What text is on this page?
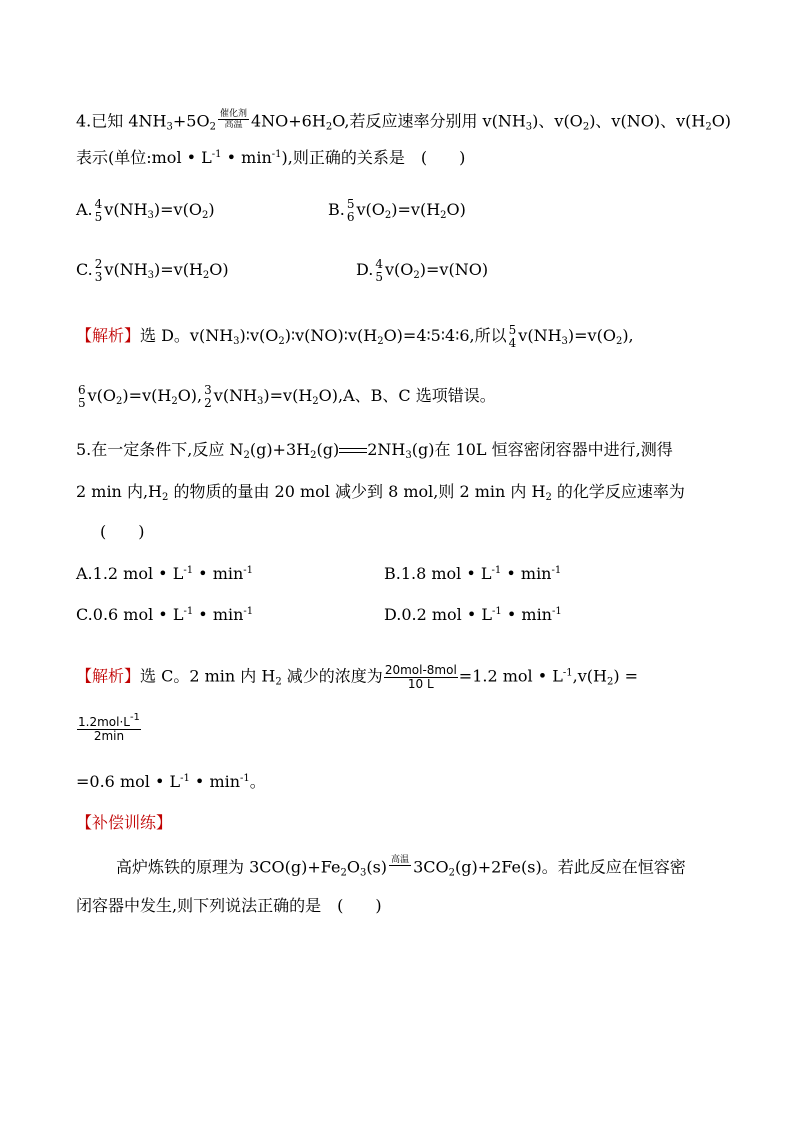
4.已知 $4NH_3+5O_2$
催化剂
高温 $4NO+6H_2O$,若反应速率分别用 $v(NH_3)$、$v(O_2)$、v(NO)、$v(H_2O)$
表示(单位:mol • $L^{-1}$ • $\min^{-1}$),则正确的关系是　(　　)
A. 4
5 $v(NH_3)=v(O_2)$	B. 5
6 $v(O_2)=v(H_2O)$
C. 2
3 $v(NH_3)=v(H_2O)$	D. 4
5 $v(O_2)=v(NO)$
【解析】选 D。$v(NH_3)∶v(O_2)∶v(NO)∶v(H_2O)=4∶5∶4∶6$,所以 5
4 $v(NH_3)=v(O_2)$,
6
5 $v(O_2)=v(H_2O)$, 3
2 $v(NH_3)=v(H_2O),A$、B、C 选项错误。
5.在一定条件下,反应 $N_2(g)+3H_2(g)$ $2NH_3(g)$在 10L 恒容密闭容器中进行,测得
2 min 内$,H_2$ 的物质的量由 20 mol 减少到 8 mol,则 2 min 内 $H_2$ 的化学反应速率为
(　　)
A.1.2 mol • $L^{-1}$ • $\min^{-1}$	B.1.8 mol • $L^{-1}$ • $\min^{-1}$
C.0.6 mol • $L^{-1}$ • $\min^{-1}$	D.0.2 mol • $L^{-1}$ • $\min^{-1}$
【解析】选 C。2 min 内 $H_2$ 减少的浓度为 $\frac{\text{20mol-8mol}}{10 L} =1.2$ mol • $L^{-1},v(H_2)$ =
$\frac{1.2mol\cdot L^{-1}}{2\min}$
=0.6 mol • $L^{-1}$ • $\min^{-1}$。
【补偿训练】
高炉炼铁的原理为 $3CO(g)+Fe_2O_3(s)$ 高温
$3CO_2(g)+2Fe(s)$。若此反应在恒容密
闭容器中发生,则下列说法正确的是　(　　)
